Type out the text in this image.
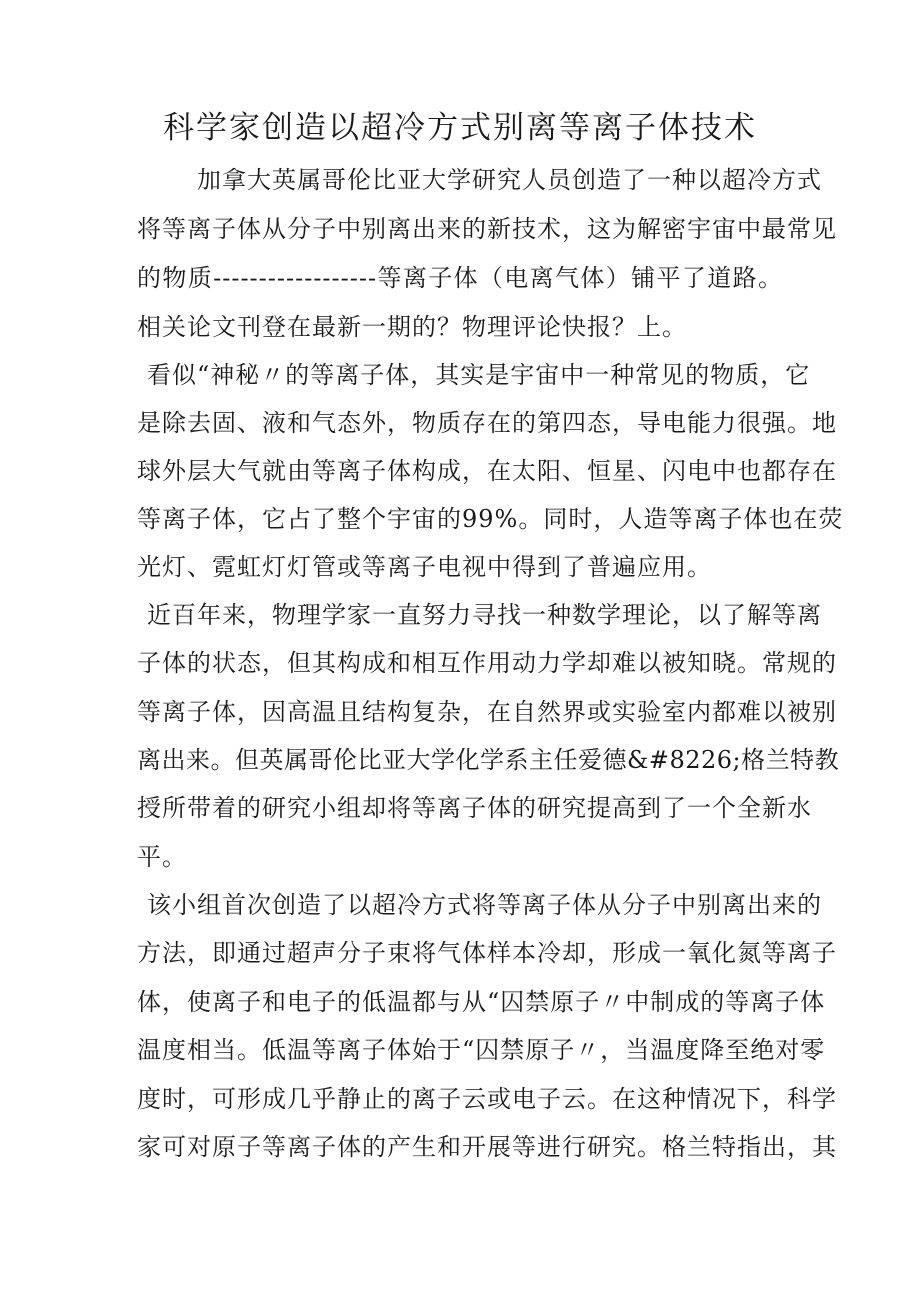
科学家创造以超冷方式别离等离子体技术
加拿大英属哥伦比亚大学研究人员创造了一种以超冷方式
将等离子体从分子中别离出来的新技术，这为解密宇宙中最常见
的物质------------------等离子体（电离气体）铺平了道路。
相关论文刊登在最新一期的？物理评论快报？上。
看似“神秘〃的等离子体，其实是宇宙中一种常见的物质，它
是除去固、液和气态外，物质存在的第四态，导电能力很强。地
球外层大气就由等离子体构成，在太阳、恒星、闪电中也都存在
等离子体，它占了整个宇宙的99%。同时，人造等离子体也在荧
光灯、霓虹灯灯管或等离子电视中得到了普遍应用。
近百年来，物理学家一直努力寻找一种数学理论，以了解等离
子体的状态，但其构成和相互作用动力学却难以被知晓。常规的
等离子体，因高温且结构复杂，在自然界或实验室内都难以被别
离出来。但英属哥伦比亚大学化学系主任爱德&#8226;格兰特教
授所带着的研究小组却将等离子体的研究提高到了一个全新水
平。
该小组首次创造了以超冷方式将等离子体从分子中别离出来的
方法，即通过超声分子束将气体样本冷却，形成一氧化氮等离子
体，使离子和电子的低温都与从“囚禁原子〃中制成的等离子体
温度相当。低温等离子体始于“囚禁原子〃，当温度降至绝对零
度时，可形成几乎静止的离子云或电子云。在这种情况下，科学
家可对原子等离子体的产生和开展等进行研究。格兰特指出，其
